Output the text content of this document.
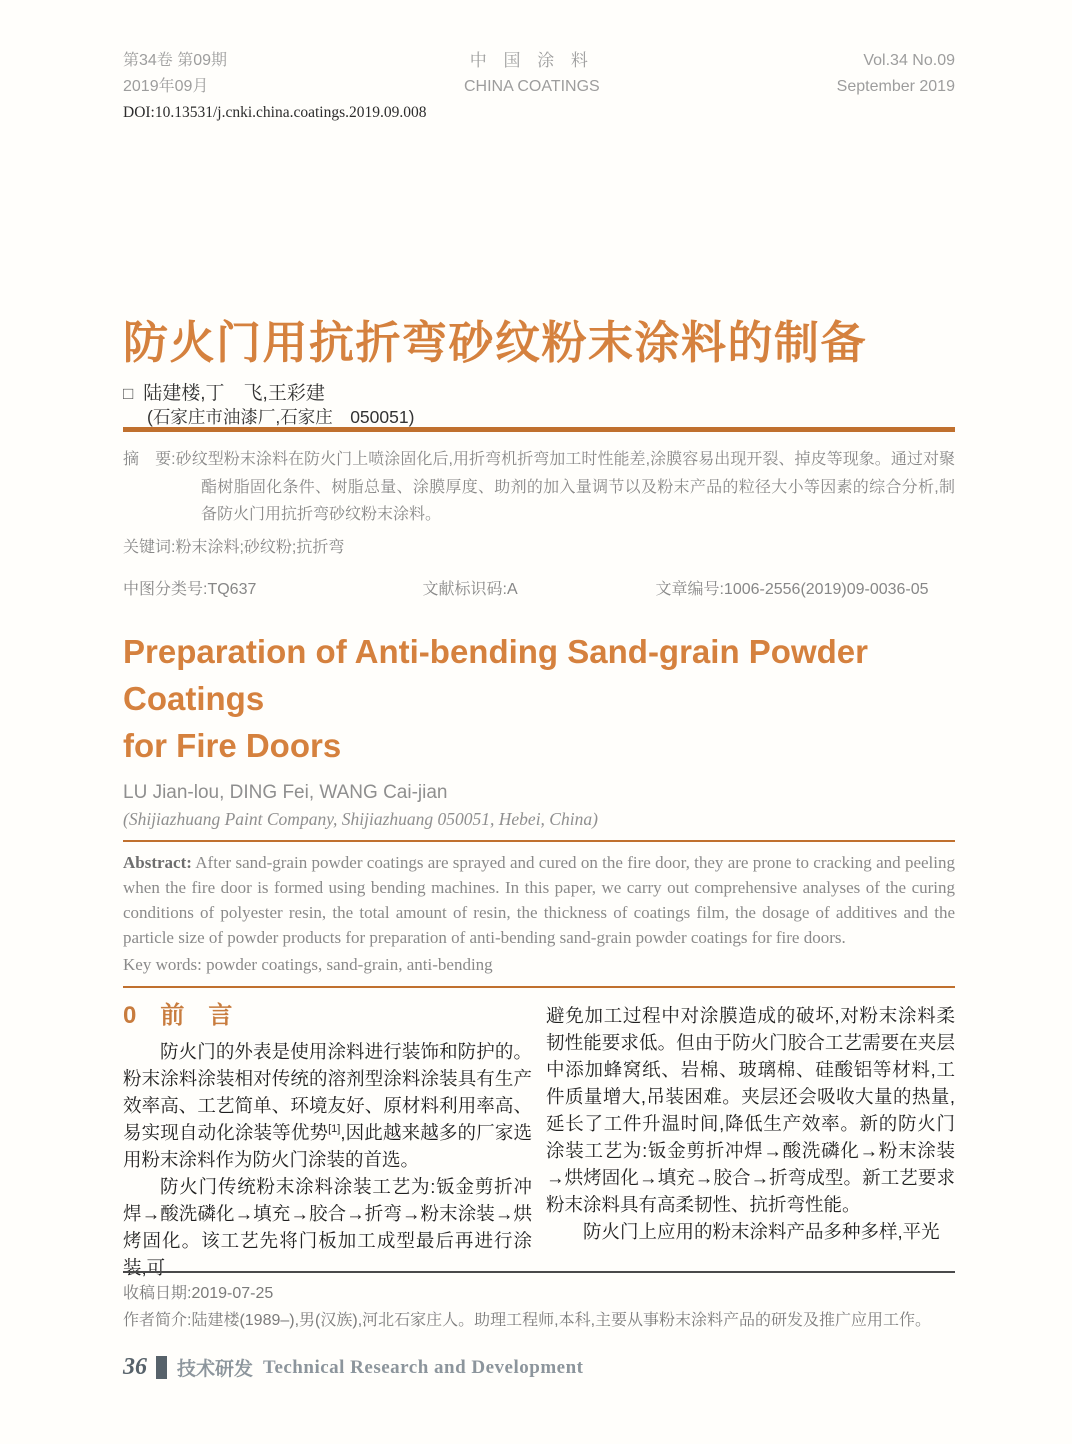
第34卷 第09期
2019年09月
中 国 涂 料
CHINA COATINGS
Vol.34 No.09
September 2019
DOI:10.13531/j.cnki.china.coatings.2019.09.008
防火门用抗折弯砂纹粉末涂料的制备
□ 陆建楼,丁　飞,王彩建
(石家庄市油漆厂,石家庄　050051)
摘　要:砂纹型粉末涂料在防火门上喷涂固化后,用折弯机折弯加工时性能差,涂膜容易出现开裂、掉皮等现象。通过对聚酯树脂固化条件、树脂总量、涂膜厚度、助剂的加入量调节以及粉末产品的粒径大小等因素的综合分析,制备防火门用抗折弯砂纹粉末涂料。
关键词:粉末涂料;砂纹粉;抗折弯
中图分类号:TQ637	文献标识码:A	文章编号:1006-2556(2019)09-0036-05
Preparation of Anti-bending Sand-grain Powder Coatings
for Fire Doors
LU Jian-lou, DING Fei, WANG Cai-jian
(Shijiazhuang Paint Company, Shijiazhuang 050051, Hebei, China)
Abstract: After sand-grain powder coatings are sprayed and cured on the fire door, they are prone to cracking and peeling when the fire door is formed using bending machines. In this paper, we carry out comprehensive analyses of the curing conditions of polyester resin, the total amount of resin, the thickness of coatings film, the dosage of additives and the particle size of powder products for preparation of anti-bending sand-grain powder coatings for fire doors.
Key words: powder coatings, sand-grain, anti-bending
0　前　言

防火门的外表是使用涂料进行装饰和防护的。粉末涂料涂装相对传统的溶剂型涂料涂装具有生产效率高、工艺简单、环境友好、原材料利用率高、易实现自动化涂装等优势[1],因此越来越多的厂家选用粉末涂料作为防火门涂装的首选。

防火门传统粉末涂料涂装工艺为:钣金剪折冲焊→酸洗磷化→填充→胶合→折弯→粉末涂装→烘烤固化。该工艺先将门板加工成型最后再进行涂装,可

避免加工过程中对涂膜造成的破坏,对粉末涂料柔韧性能要求低。但由于防火门胶合工艺需要在夹层中添加蜂窝纸、岩棉、玻璃棉、硅酸铝等材料,工件质量增大,吊装困难。夹层还会吸收大量的热量,延长了工件升温时间,降低生产效率。新的防火门涂装工艺为:钣金剪折冲焊→酸洗磷化→粉末涂装→烘烤固化→填充→胶合→折弯成型。新工艺要求粉末涂料具有高柔韧性、抗折弯性能。

防火门上应用的粉末涂料产品多种多样,平光

收稿日期:2019-07-25
作者简介:陆建楼(1989–),男(汉族),河北石家庄人。助理工程师,本科,主要从事粉末涂料产品的研发及推广应用工作。
36 技术研发 Technical Research and Development
